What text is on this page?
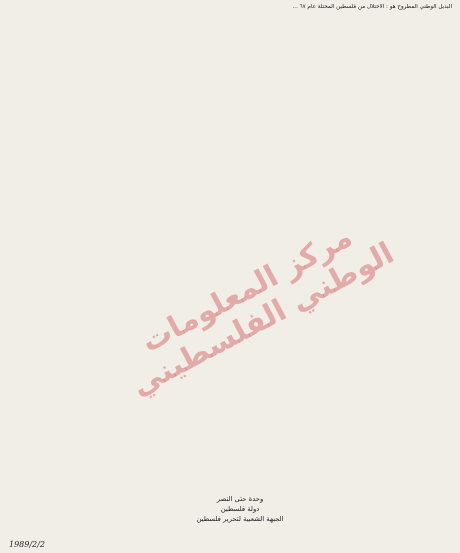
البديل الوطني المطروح هو : الاحتلال من فلسطين المحتلة عام ٦٧ ...

مركز المعلومات الوطني الفلسطيني
وحدة حتى النصر
دولة فلسطين
الجبهة الشعبية لتحرير فلسطين
1989/2/2
